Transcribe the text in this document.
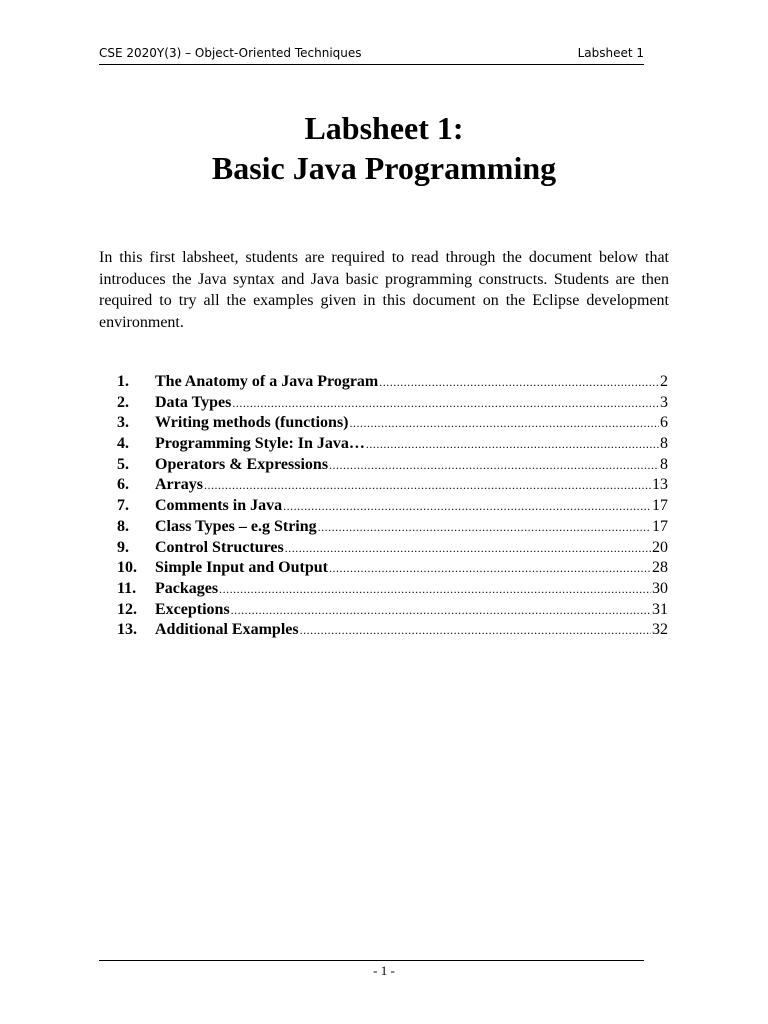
CSE 2020Y(3) – Object-Oriented Techniques	Labsheet 1
Labsheet 1:
Basic Java Programming
In this first labsheet, students are required to read through the document below that introduces the Java syntax and Java basic programming constructs. Students are then required to try all the examples given in this document on the Eclipse development environment.
1.	The Anatomy of a Java Program .....	2
2.	Data Types .....	3
3.	Writing methods (functions) .....	6
4.	Programming Style: In Java… .....	8
5.	Operators & Expressions .....	8
6.	Arrays .....	13
7.	Comments in Java .....	17
8.	Class Types – e.g String .....	17
9.	Control Structures .....	20
10.	Simple Input and Output .....	28
11.	Packages .....	30
12.	Exceptions .....	31
13.	Additional Examples .....	32
- 1 -
